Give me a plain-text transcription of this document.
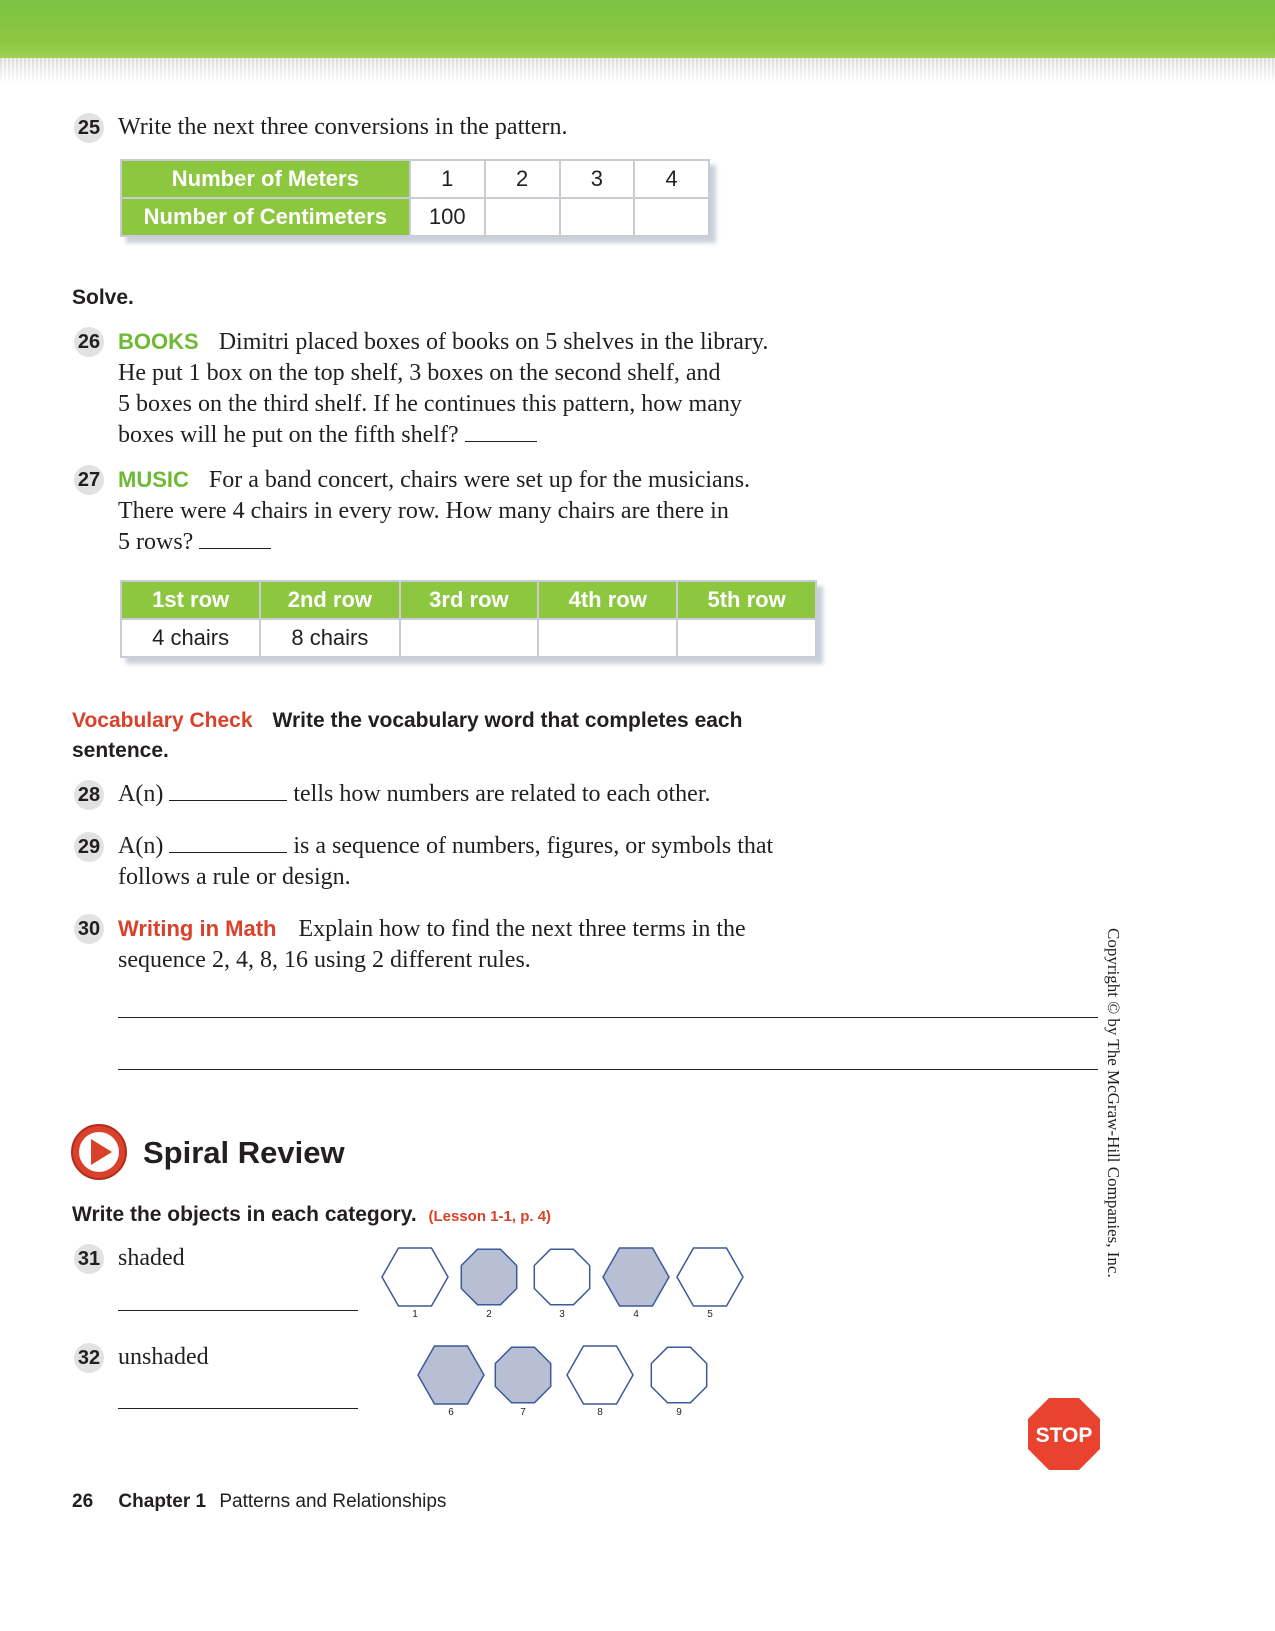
25 Write the next three conversions in the pattern.
Number of Meters	1	2	3	4
Number of Centimeters	100			
Solve.
26 BOOKS Dimitri placed boxes of books on 5 shelves in the library.
He put 1 box on the top shelf, 3 boxes on the second shelf, and
5 boxes on the third shelf. If he continues this pattern, how many
boxes will he put on the fifth shelf?
27 MUSIC For a band concert, chairs were set up for the musicians.
There were 4 chairs in every row. How many chairs are there in
5 rows?
1st row	2nd row	3rd row	4th row	5th row
4 chairs	8 chairs			
Vocabulary Check Write the vocabulary word that completes each
sentence.
28 A(n)	tells how numbers are related to each other.
29 A(n)	is a sequence of numbers, figures, or symbols that
follows a rule or design.
30 Writing in Math Explain how to find the next three terms in the
sequence 2, 4, 8, 16 using 2 different rules.	Copyright © by The McGraw-Hill Companies, Inc.
Spiral Review
Write the objects in each category. (Lesson 1-1, p. 4)
31 shaded
32 unshaded
1	2	3	4	5
6	7	8	9
STOP
26 Chapter 1 Patterns and Relationships
